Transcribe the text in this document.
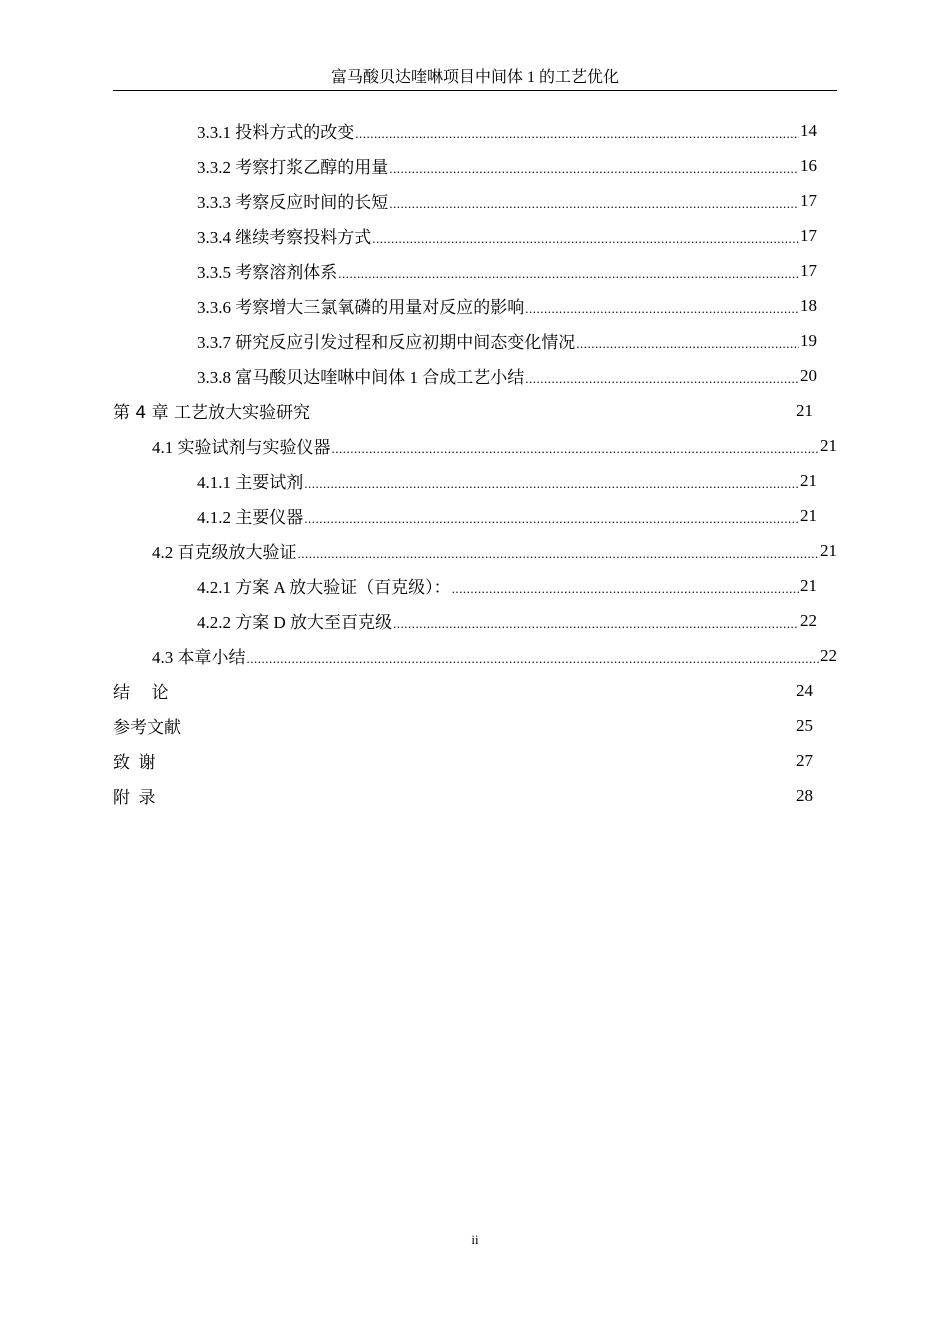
富马酸贝达喹啉项目中间体 1 的工艺优化
3.3.1 投料方式的改变 .....	14
3.3.2 考察打浆乙醇的用量 .....	16
3.3.3 考察反应时间的长短 .....	17
3.3.4 继续考察投料方式 .....	17
3.3.5 考察溶剂体系 .....	17
3.3.6 考察增大三氯氧磷的用量对反应的影响 .....	18
3.3.7 研究反应引发过程和反应初期中间态变化情况 .....	19
3.3.8 富马酸贝达喹啉中间体 1 合成工艺小结 .....	20
第 4 章 工艺放大实验研究	21
4.1 实验试剂与实验仪器 .....	21
4.1.1 主要试剂 .....	21
4.1.2 主要仪器 .....	21
4.2 百克级放大验证 .....	21
4.2.1 方案 A 放大验证（百克级）： .....	21
4.2.2 方案 D 放大至百克级 .....	22
4.3 本章小结 .....	22
结    论	24
参考文献	25
致  谢	27
附  录	28
ii
